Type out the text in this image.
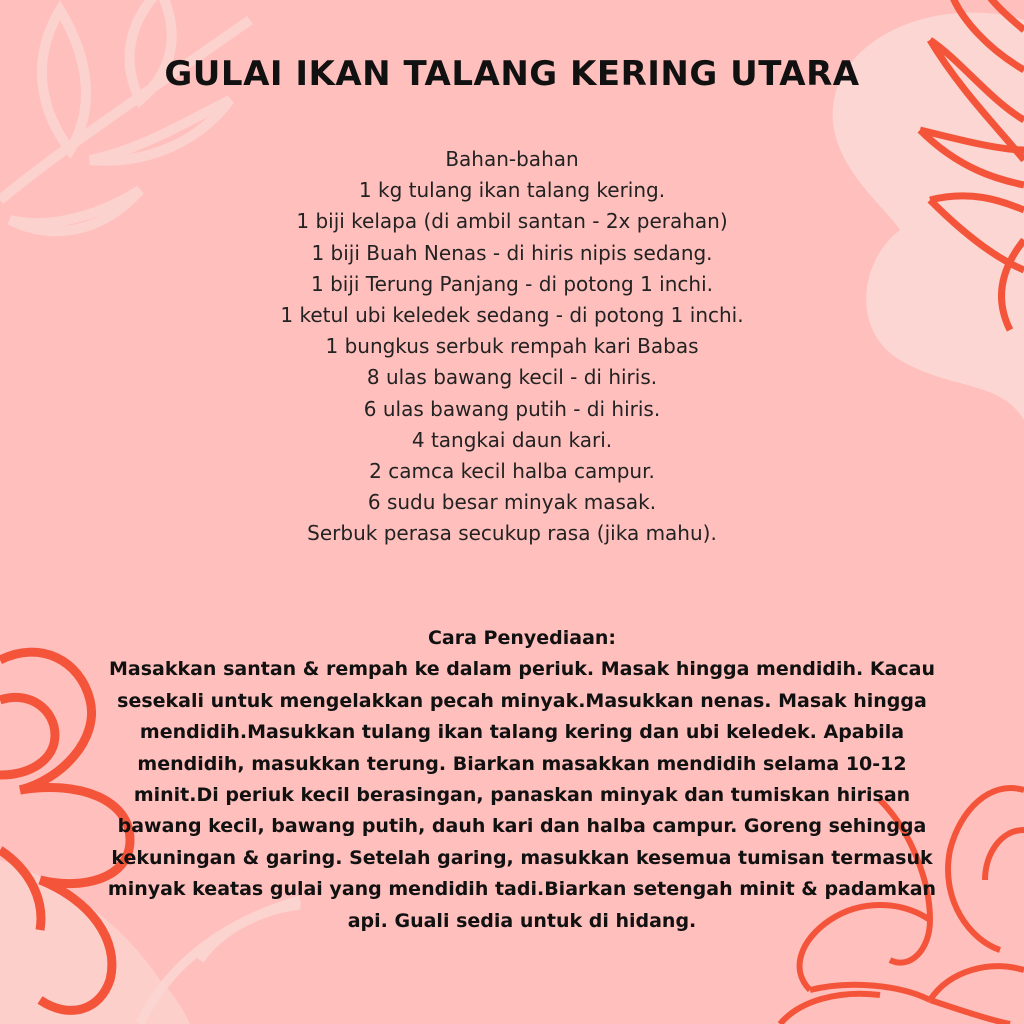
GULAI IKAN TALANG KERING UTARA
Bahan-bahan
1 kg tulang ikan talang kering.
1 biji kelapa (di ambil santan - 2x perahan)
1 biji Buah Nenas - di hiris nipis sedang.
1 biji Terung Panjang - di potong 1 inchi.
1 ketul ubi keledek sedang - di potong 1 inchi.
1 bungkus serbuk rempah kari Babas
8 ulas bawang kecil - di hiris.
6 ulas bawang putih - di hiris.
4 tangkai daun kari.
2 camca kecil halba campur.
6 sudu besar minyak masak.
Serbuk perasa secukup rasa (jika mahu).
Cara Penyediaan:
Masakkan santan & rempah ke dalam periuk. Masak hingga mendidih. Kacau sesekali untuk mengelakkan pecah minyak.Masukkan nenas. Masak hingga mendidih.Masukkan tulang ikan talang kering dan ubi keledek. Apabila mendidih, masukkan terung. Biarkan masakkan mendidih selama 10-12 minit.Di periuk kecil berasingan, panaskan minyak dan tumiskan hirisan bawang kecil, bawang putih, dauh kari dan halba campur. Goreng sehingga kekuningan & garing. Setelah garing, masukkan kesemua tumisan termasuk minyak keatas gulai yang mendidih tadi.Biarkan setengah minit & padamkan api. Guali sedia untuk di hidang.
